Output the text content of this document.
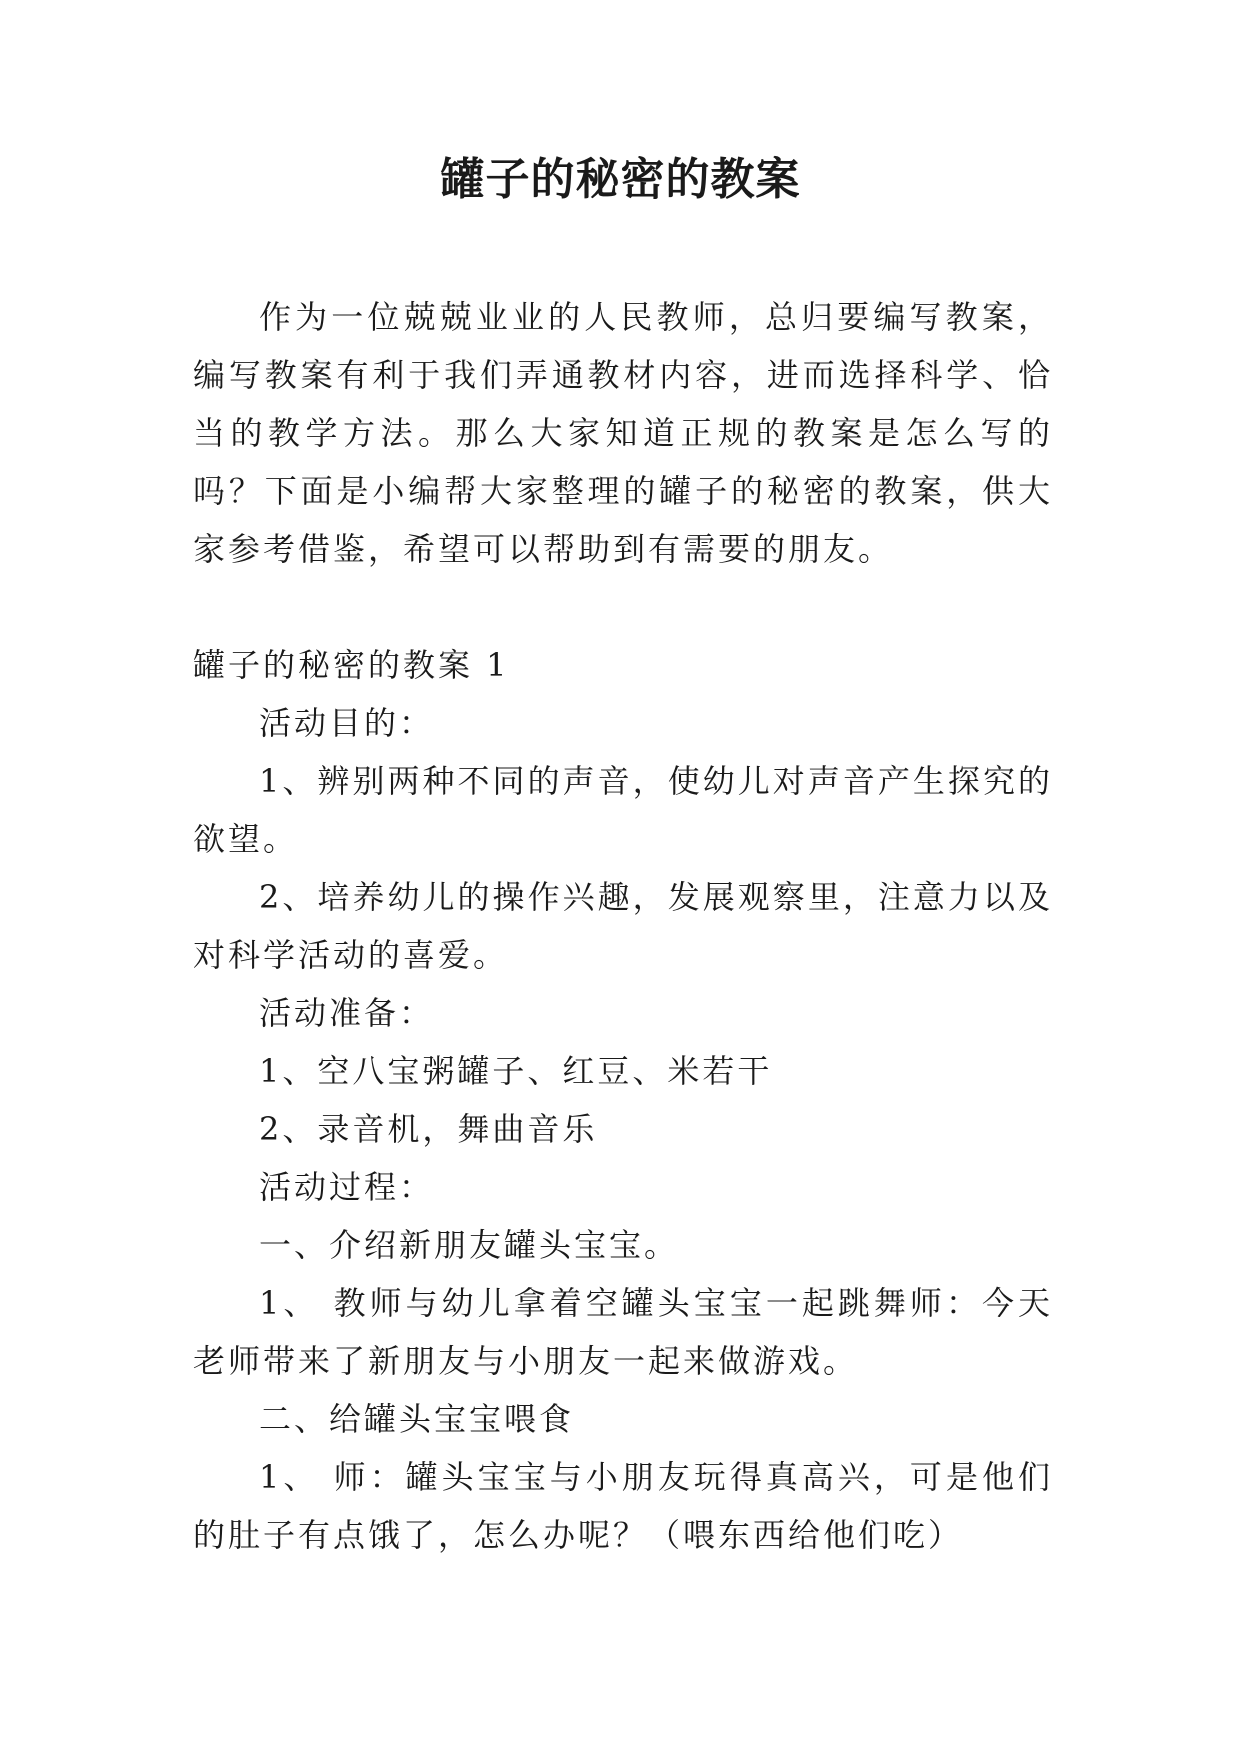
罐子的秘密的教案

作为一位兢兢业业的人民教师，总归要编写教案，编写教案有利于我们弄通教材内容，进而选择科学、恰当的教学方法。那么大家知道正规的教案是怎么写的吗？下面是小编帮大家整理的罐子的秘密的教案，供大家参考借鉴，希望可以帮助到有需要的朋友。

罐子的秘密的教案 1

活动目的：

1、辨别两种不同的声音，使幼儿对声音产生探究的欲望。

2、培养幼儿的操作兴趣，发展观察里，注意力以及对科学活动的喜爱。

活动准备：

1、空八宝粥罐子、红豆、米若干

2、录音机，舞曲音乐

活动过程：

一、介绍新朋友罐头宝宝。

1、 教师与幼儿拿着空罐头宝宝一起跳舞师：今天老师带来了新朋友与小朋友一起来做游戏。

二、给罐头宝宝喂食

1、 师：罐头宝宝与小朋友玩得真高兴，可是他们的肚子有点饿了，怎么办呢？（喂东西给他们吃）
